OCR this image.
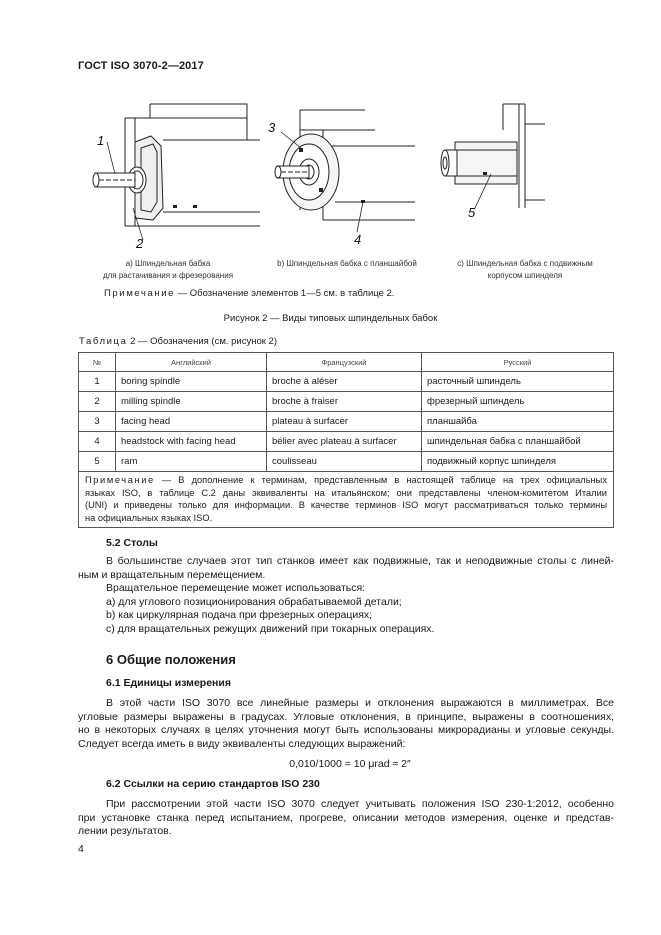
ГОСТ ISO 3070-2—2017
1
2
3
4
5
а) Шпиндельная бабка
для растачивания и фрезерования
b) Шпиндельная бабка с планшайбой	c) Шпиндельная бабка с подвижным
корпусом шпинделя
Примечание — Обозначение элементов 1—5 см. в таблице 2.
Рисунок 2 — Виды типовых шпиндельных бабок
Таблица 2 — Обозначения (см. рисунок 2)
№	Английский	Французский	Русский
1	boring spindle	broche à aléser	расточный шпиндель
2	milling spindle	broche à fraiser	фрезерный шпиндель
3	facing head	plateau à surfacer	планшайба
4	headstock with facing head	bélier avec plateau à surfacer	шпиндельная бабка с планшайбой
5	ram	coulisseau	подвижный корпус шпинделя

Примечание — В дополнение к терминам, представленным в настоящей таблице на трех официальных
языках ISO, в таблице С.2 даны эквиваленты на итальянском; они представлены членом-комитетом Италии
(UNI) и приведены только для информации. В качестве терминов ISO могут рассматриваться только термины
на официальных языках ISO.			
5.2 Столы
В большинстве случаев этот тип станков имеет как подвижные, так и неподвижные столы с линей-
ным и вращательным перемещением.
Вращательное перемещение может использоваться:
a) для углового позиционирования обрабатываемой детали;
b) как циркулярная подача при фрезерных операциях;
c) для вращательных режущих движений при токарных операциях.
6 Общие положения
6.1 Единицы измерения
В этой части ISO 3070 все линейные размеры и отклонения выражаются в миллиметрах. Все
угловые размеры выражены в градусах. Угловые отклонения, в принципе, выражены в соотношениях,
но в некоторых случаях в целях уточнения могут быть использованы микрорадианы и угловые секунды.
Следует всегда иметь в виду эквиваленты следующих выражений:
0,010/1000 = 10 μrad ≈ 2″
6.2 Ссылки на серию стандартов ISO 230
При рассмотрении этой части ISO 3070 следует учитывать положения ISO 230-1:2012, особенно
при установке станка перед испытанием, прогреве, описании методов измерения, оценке и представ-
лении результатов.
4
